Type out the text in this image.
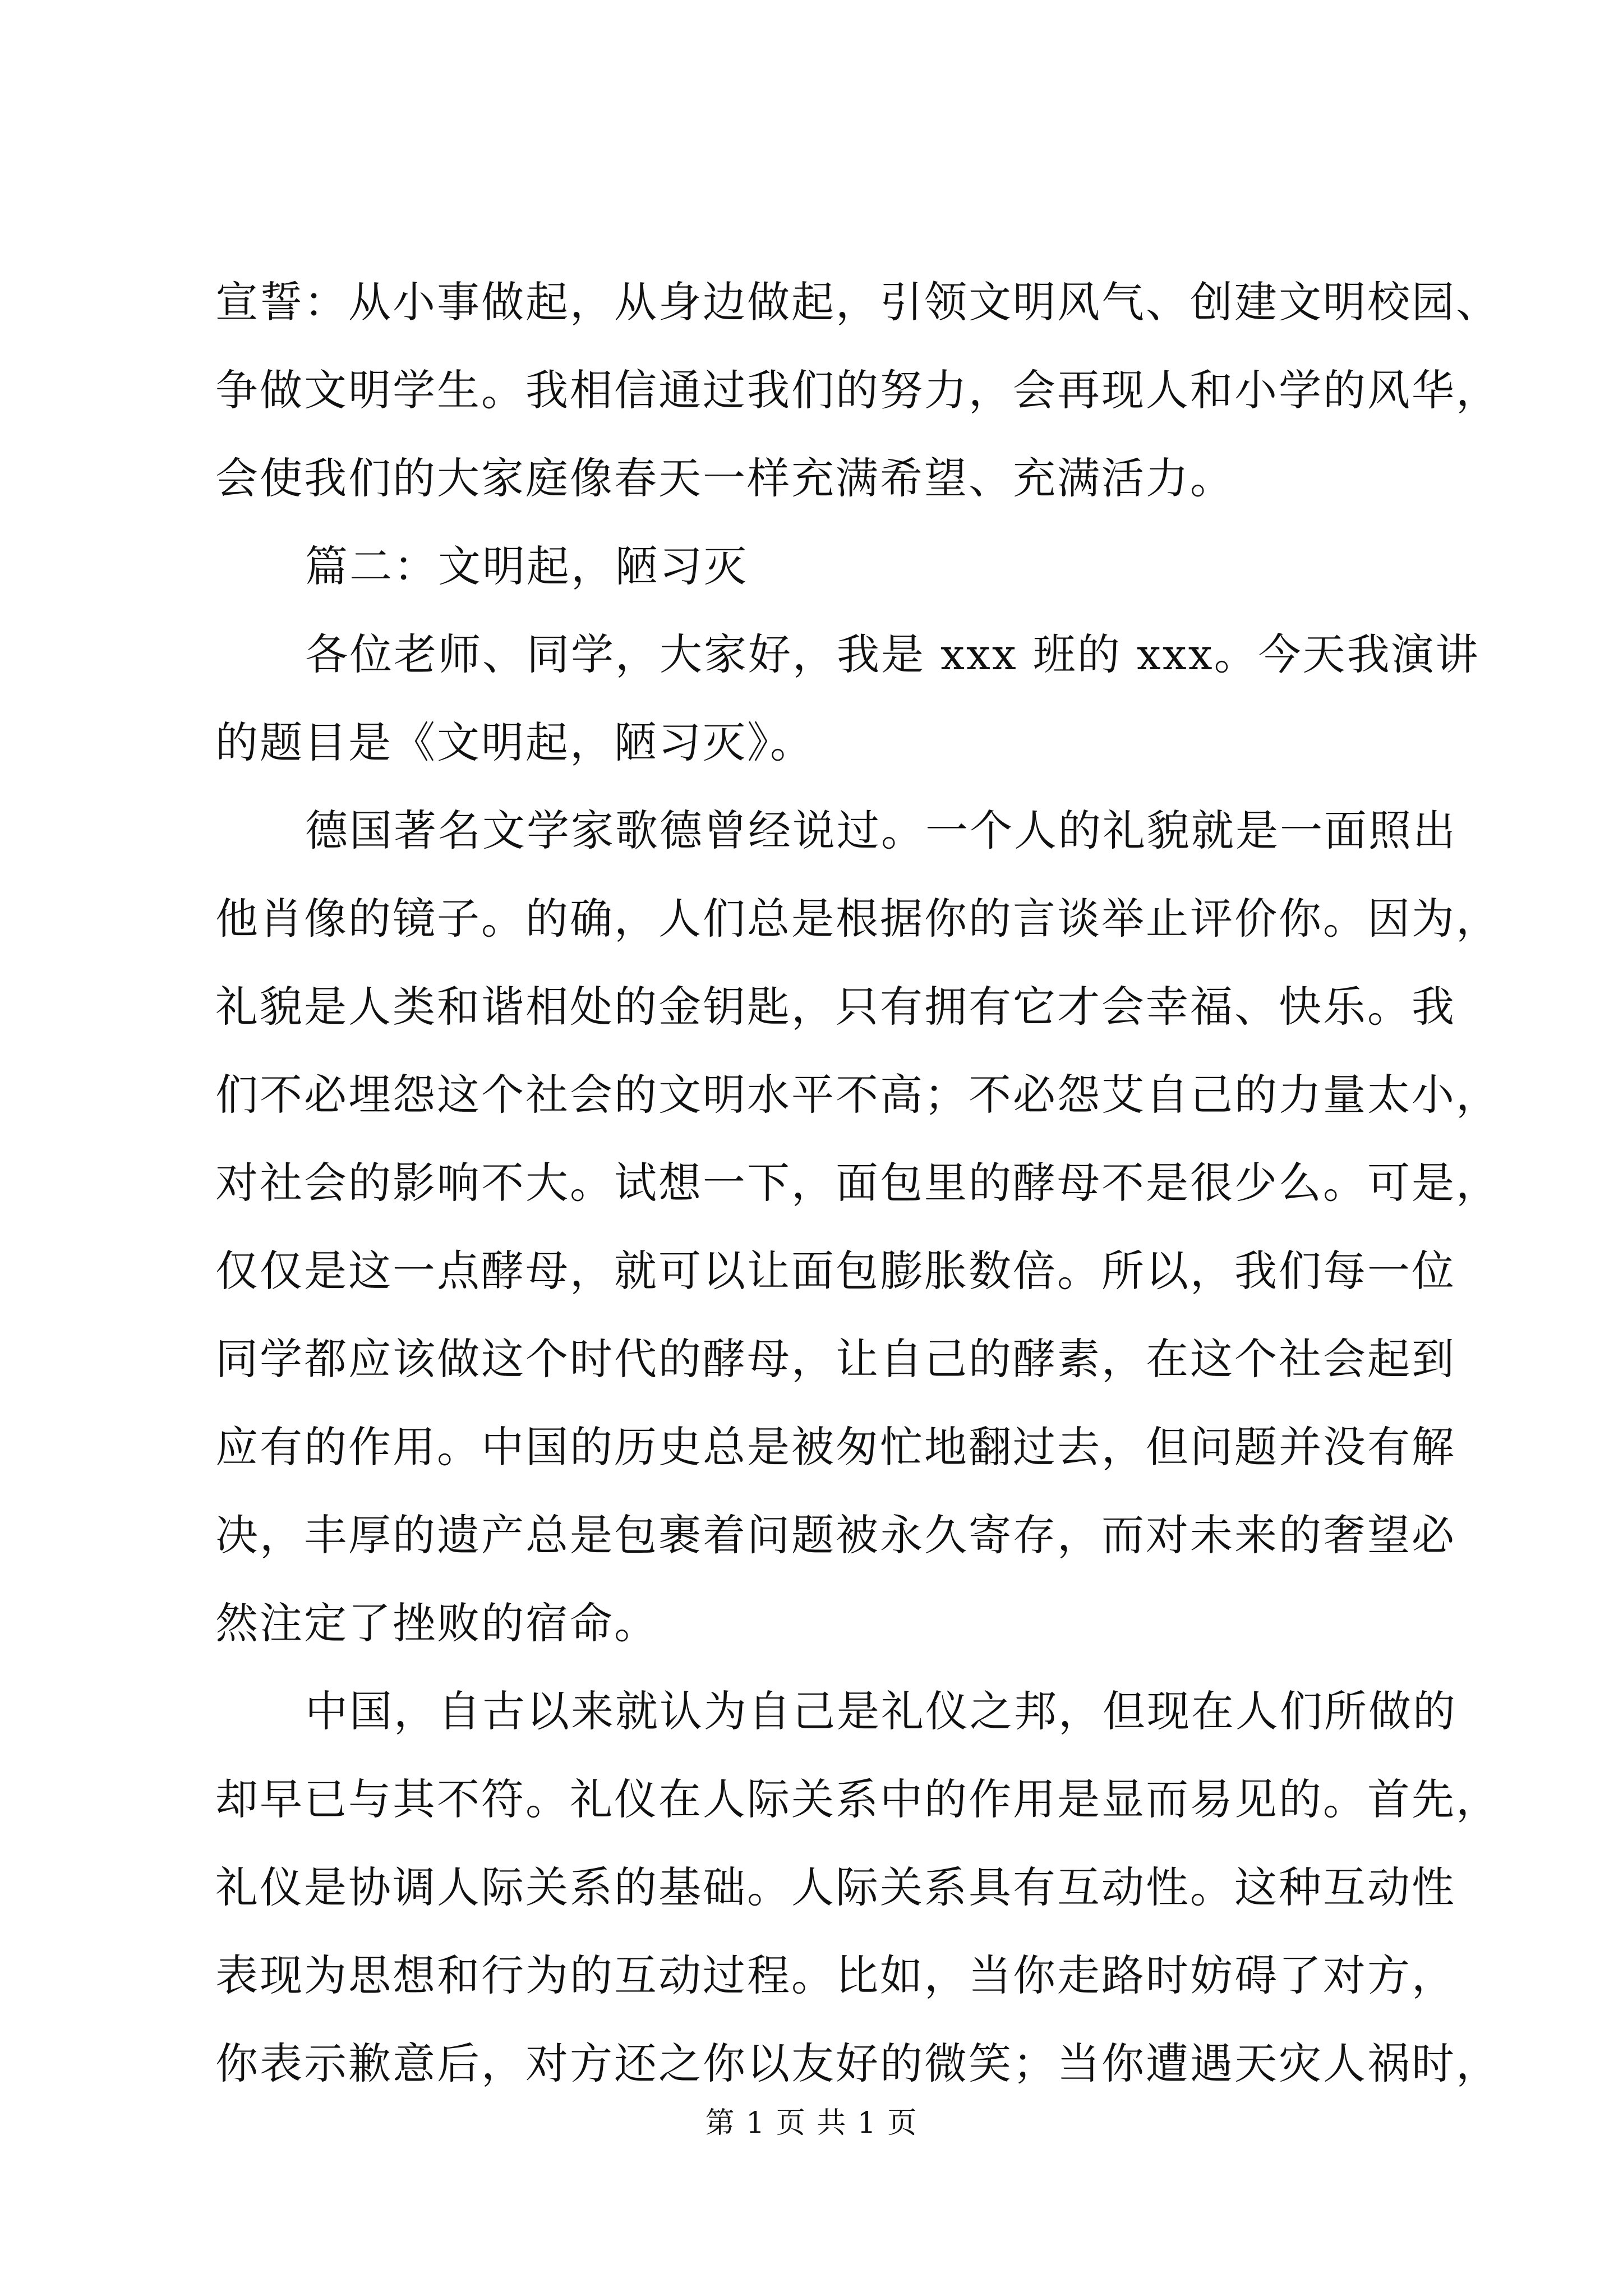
宣誓：从小事做起，从身边做起，引领文明风气、创建文明校园、
争做文明学生。我相信通过我们的努力，会再现人和小学的风华，
会使我们的大家庭像春天一样充满希望、充满活力。
篇二：文明起，陋习灭
各位老师、同学，大家好，我是 xxx 班的 xxx。今天我演讲
的题目是《文明起，陋习灭》。
德国著名文学家歌德曾经说过。一个人的礼貌就是一面照出
他肖像的镜子。的确，人们总是根据你的言谈举止评价你。因为，
礼貌是人类和谐相处的金钥匙，只有拥有它才会幸福、快乐。我
们不必埋怨这个社会的文明水平不高；不必怨艾自己的力量太小，
对社会的影响不大。试想一下，面包里的酵母不是很少么。可是，
仅仅是这一点酵母，就可以让面包膨胀数倍。所以，我们每一位
同学都应该做这个时代的酵母，让自己的酵素，在这个社会起到
应有的作用。中国的历史总是被匆忙地翻过去，但问题并没有解
决，丰厚的遗产总是包裹着问题被永久寄存，而对未来的奢望必
然注定了挫败的宿命。
中国，自古以来就认为自己是礼仪之邦，但现在人们所做的
却早已与其不符。礼仪在人际关系中的作用是显而易见的。首先，
礼仪是协调人际关系的基础。人际关系具有互动性。这种互动性
表现为思想和行为的互动过程。比如，当你走路时妨碍了对方，
你表示歉意后，对方还之你以友好的微笑；当你遭遇天灾人祸时，
第 1 页 共 1 页
